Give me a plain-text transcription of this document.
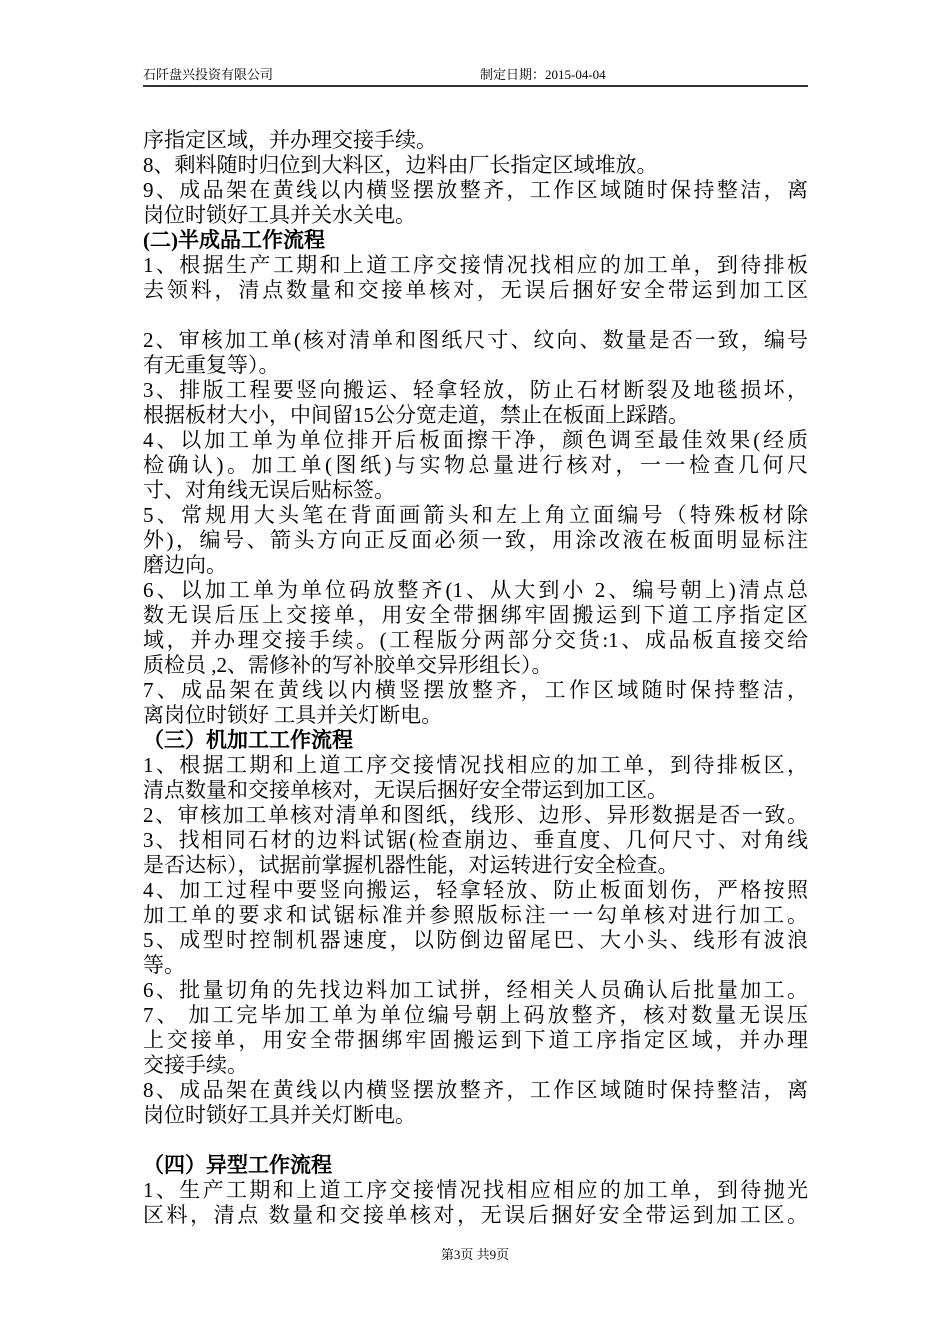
石阡盘兴投资有限公司	制定日期：2015-04-04
序指定区域，并办理交接手续。
8、剩料随时归位到大料区，边料由厂长指定区域堆放。
9、成品架在黄线以内横竖摆放整齐，工作区域随时保持整洁，离
岗位时锁好工具并关水关电。
(二)半成品工作流程
1、根据生产工期和上道工序交接情况找相应的加工单，到待排板
去领料，清点数量和交接单核对，无误后捆好安全带运到加工区
2、审核加工单(核对清单和图纸尺寸、纹向、数量是否一致，编号
有无重复等）。
3、排版工程要竖向搬运、轻拿轻放，防止石材断裂及地毯损坏，
根据板材大小，中间留15公分宽走道，禁止在板面上踩踏。
4、以加工单为单位排开后板面擦干净，颜色调至最佳效果(经质
检确认)。加工单(图纸)与实物总量进行核对，一一检查几何尺
寸、对角线无误后贴标签。
5、常规用大头笔在背面画箭头和左上角立面编号（特殊板材除
外)，编号、箭头方向正反面必须一致，用涂改液在板面明显标注
磨边向。
6、以加工单为单位码放整齐(1、从大到小 2、编号朝上)清点总
数无误后压上交接单，用安全带捆绑牢固搬运到下道工序指定区
域，并办理交接手续。(工程版分两部分交货:1、成品板直接交给
质检员 ,2、需修补的写补胶单交异形组长）。
7、成品架在黄线以内横竖摆放整齐，工作区域随时保持整洁，
离岗位时锁好 工具并关灯断电。
（三）机加工工作流程
1、根据工期和上道工序交接情况找相应的加工单，到待排板区，
清点数量和交接单核对，无误后捆好安全带运到加工区。
2、审核加工单核对清单和图纸，线形、边形、异形数据是否一致。
3、找相同石材的边料试锯(检查崩边、垂直度、几何尺寸、对角线
是否达标），试据前掌握机器性能，对运转进行安全检查。
4、加工过程中要竖向搬运，轻拿轻放、防止板面划伤，严格按照
加工单的要求和试锯标准并参照版标注一一勾单核对进行加工。
5、成型时控制机器速度，以防倒边留尾巴、大小头、线形有波浪
等。
6、批量切角的先找边料加工试拼，经相关人员确认后批量加工。
7、 加工完毕加工单为单位编号朝上码放整齐，核对数量无误压
上交接单，用安全带捆绑牢固搬运到下道工序指定区域，并办理
交接手续。
8、成品架在黄线以内横竖摆放整齐，工作区域随时保持整洁，离
岗位时锁好工具并关灯断电。
（四）异型工作流程
1、生产工期和上道工序交接情况找相应相应的加工单，到待抛光
区料，清点 数量和交接单核对，无误后捆好安全带运到加工区。
第3页 共9页
